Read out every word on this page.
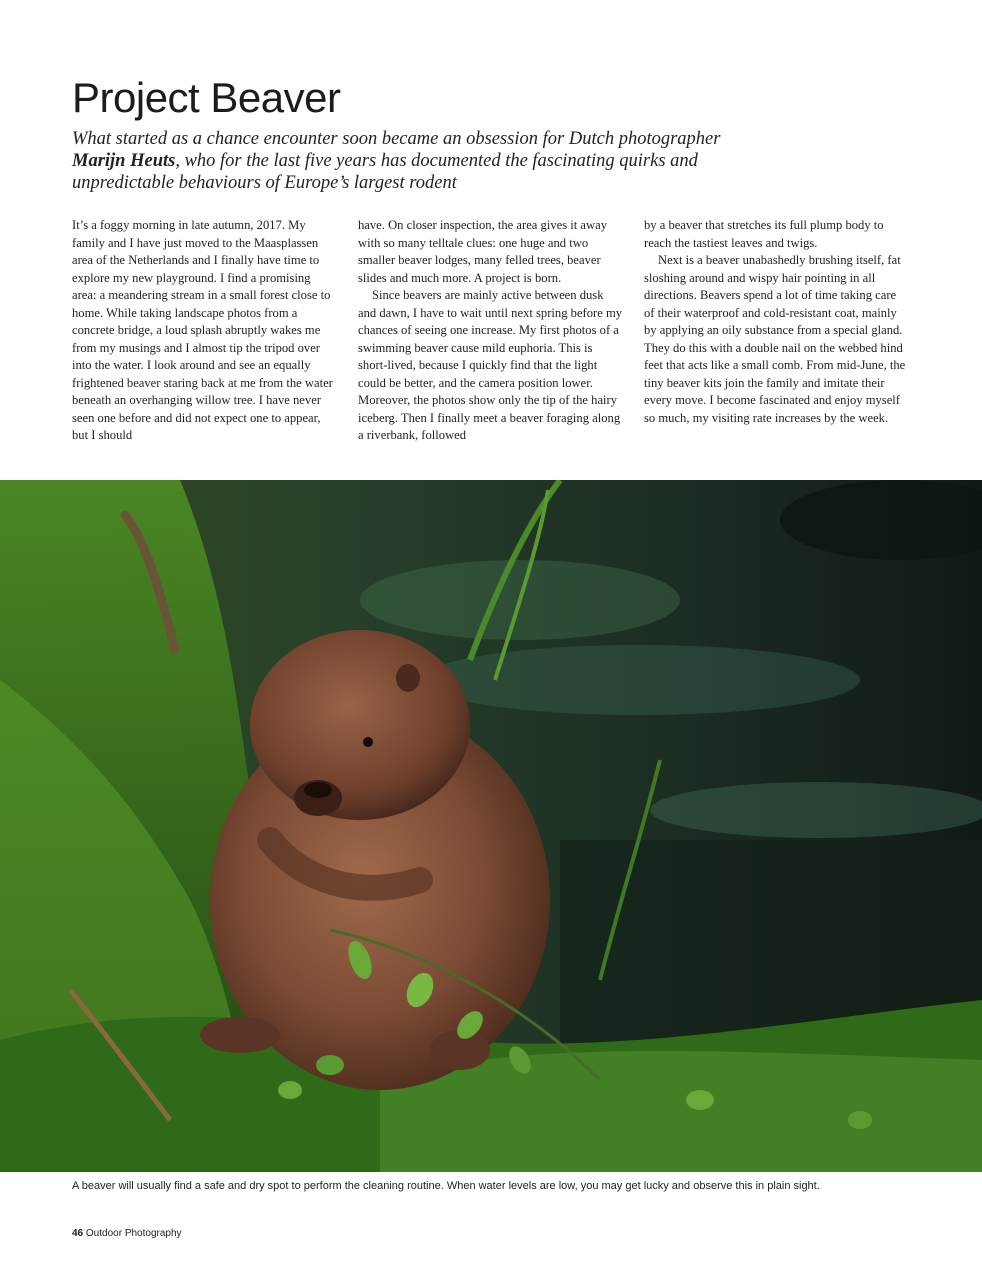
Project Beaver

What started as a chance encounter soon became an obsession for Dutch photographer Marijn Heuts, who for the last five years has documented the fascinating quirks and unpredictable behaviours of Europe’s largest rodent

It’s a foggy morning in late autumn, 2017. My family and I have just moved to the Maasplassen area of the Netherlands and I finally have time to explore my new playground. I find a promising area: a meandering stream in a small forest close to home. While taking landscape photos from a concrete bridge, a loud splash abruptly wakes me from my musings and I almost tip the tripod over into the water. I look around and see an equally frightened beaver staring back at me from the water beneath an overhanging willow tree. I have never seen one before and did not expect one to appear, but I should

have. On closer inspection, the area gives it away with so many telltale clues: one huge and two smaller beaver lodges, many felled trees, beaver slides and much more. A project is born.

Since beavers are mainly active between dusk and dawn, I have to wait until next spring before my chances of seeing one increase. My first photos of a swimming beaver cause mild euphoria. This is short-lived, because I quickly find that the light could be better, and the camera position lower. Moreover, the photos show only the tip of the hairy iceberg. Then I finally meet a beaver foraging along a riverbank, followed

by a beaver that stretches its full plump body to reach the tastiest leaves and twigs.

Next is a beaver unabashedly brushing itself, fat sloshing around and wispy hair pointing in all directions. Beavers spend a lot of time taking care of their waterproof and cold-resistant coat, mainly by applying an oily substance from a special gland. They do this with a double nail on the webbed hind feet that acts like a small comb. From mid-June, the tiny beaver kits join the family and imitate their every move. I become fascinated and enjoy myself so much, my visiting rate increases by the week.

A beaver will usually find a safe and dry spot to perform the cleaning routine. When water levels are low, you may get lucky and observe this in plain sight.
46 Outdoor Photography
